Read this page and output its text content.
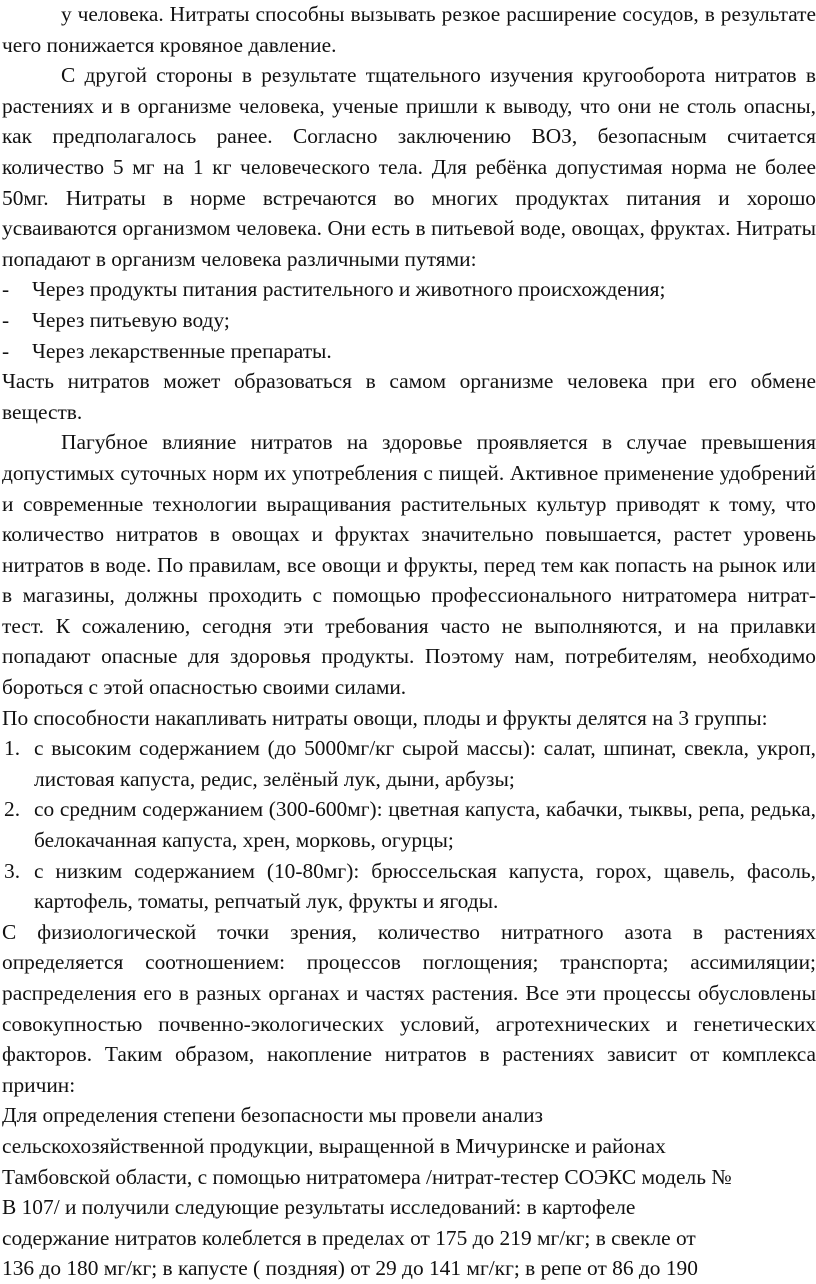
у человека. Нитраты способны вызывать резкое расширение сосудов, в результате чего понижается кровяное давление.

С другой стороны в результате тщательного изучения кругооборота нитратов в растениях и в организме человека, ученые пришли к выводу, что они не столь опасны, как предполагалось ранее. Согласно заключению ВОЗ, безопасным считается количество 5 мг на 1 кг человеческого тела. Для ребёнка допустимая норма не более 50мг. Нитраты в норме встречаются во многих продуктах питания и хорошо усваиваются организмом человека. Они есть в питьевой воде, овощах, фруктах. Нитраты попадают в организм человека различными путями:

- Через продукты питания растительного и животного происхождения;
- Через питьевую воду;
- Через лекарственные препараты.

Часть нитратов может образоваться в самом организме человека при его обмене веществ.

Пагубное влияние нитратов на здоровье проявляется в случае превышения допустимых суточных норм их употребления с пищей. Активное применение удобрений и современные технологии выращивания растительных культур приводят к тому, что количество нитратов в овощах и фруктах значительно повышается, растет уровень нитратов в воде. По правилам, все овощи и фрукты, перед тем как попасть на рынок или в магазины, должны проходить с помощью профессионального нитратомера нитрат-тест. К сожалению, сегодня эти требования часто не выполняются, и на прилавки попадают опасные для здоровья продукты. Поэтому нам, потребителям, необходимо бороться с этой опасностью своими силами.

По способности накапливать нитраты овощи, плоды и фрукты делятся на 3 группы:

1. с высоким содержанием (до 5000мг/кг сырой массы): салат, шпинат, свекла, укроп, листовая капуста, редис, зелёный лук, дыни, арбузы;
2. со средним содержанием (300-600мг): цветная капуста, кабачки, тыквы, репа, редька, белокачанная капуста, хрен, морковь, огурцы;
3. с низким содержанием (10-80мг): брюссельская капуста, горох, щавель, фасоль, картофель, томаты, репчатый лук, фрукты и ягоды.

С физиологической точки зрения, количество нитратного азота в растениях определяется соотношением: процессов поглощения; транспорта; ассимиляции; распределения его в разных органах и частях растения. Все эти процессы обусловлены совокупностью почвенно-экологических условий, агротехнических и генетических факторов. Таким образом, накопление нитратов в растениях зависит от комплекса причин:

Для определения степени безопасности мы провели анализ
сельскохозяйственной продукции, выращенной в Мичуринске и районах
Тамбовской области, с помощью нитратомера /нитрат-тестер СОЭКС модель №
В 107/ и получили следующие результаты исследований: в картофеле
содержание нитратов колеблется в пределах от 175 до 219 мг/кг; в свекле от
136 до 180 мг/кг; в капусте ( поздняя) от 29 до 141 мг/кг; в репе от 86 до 190
